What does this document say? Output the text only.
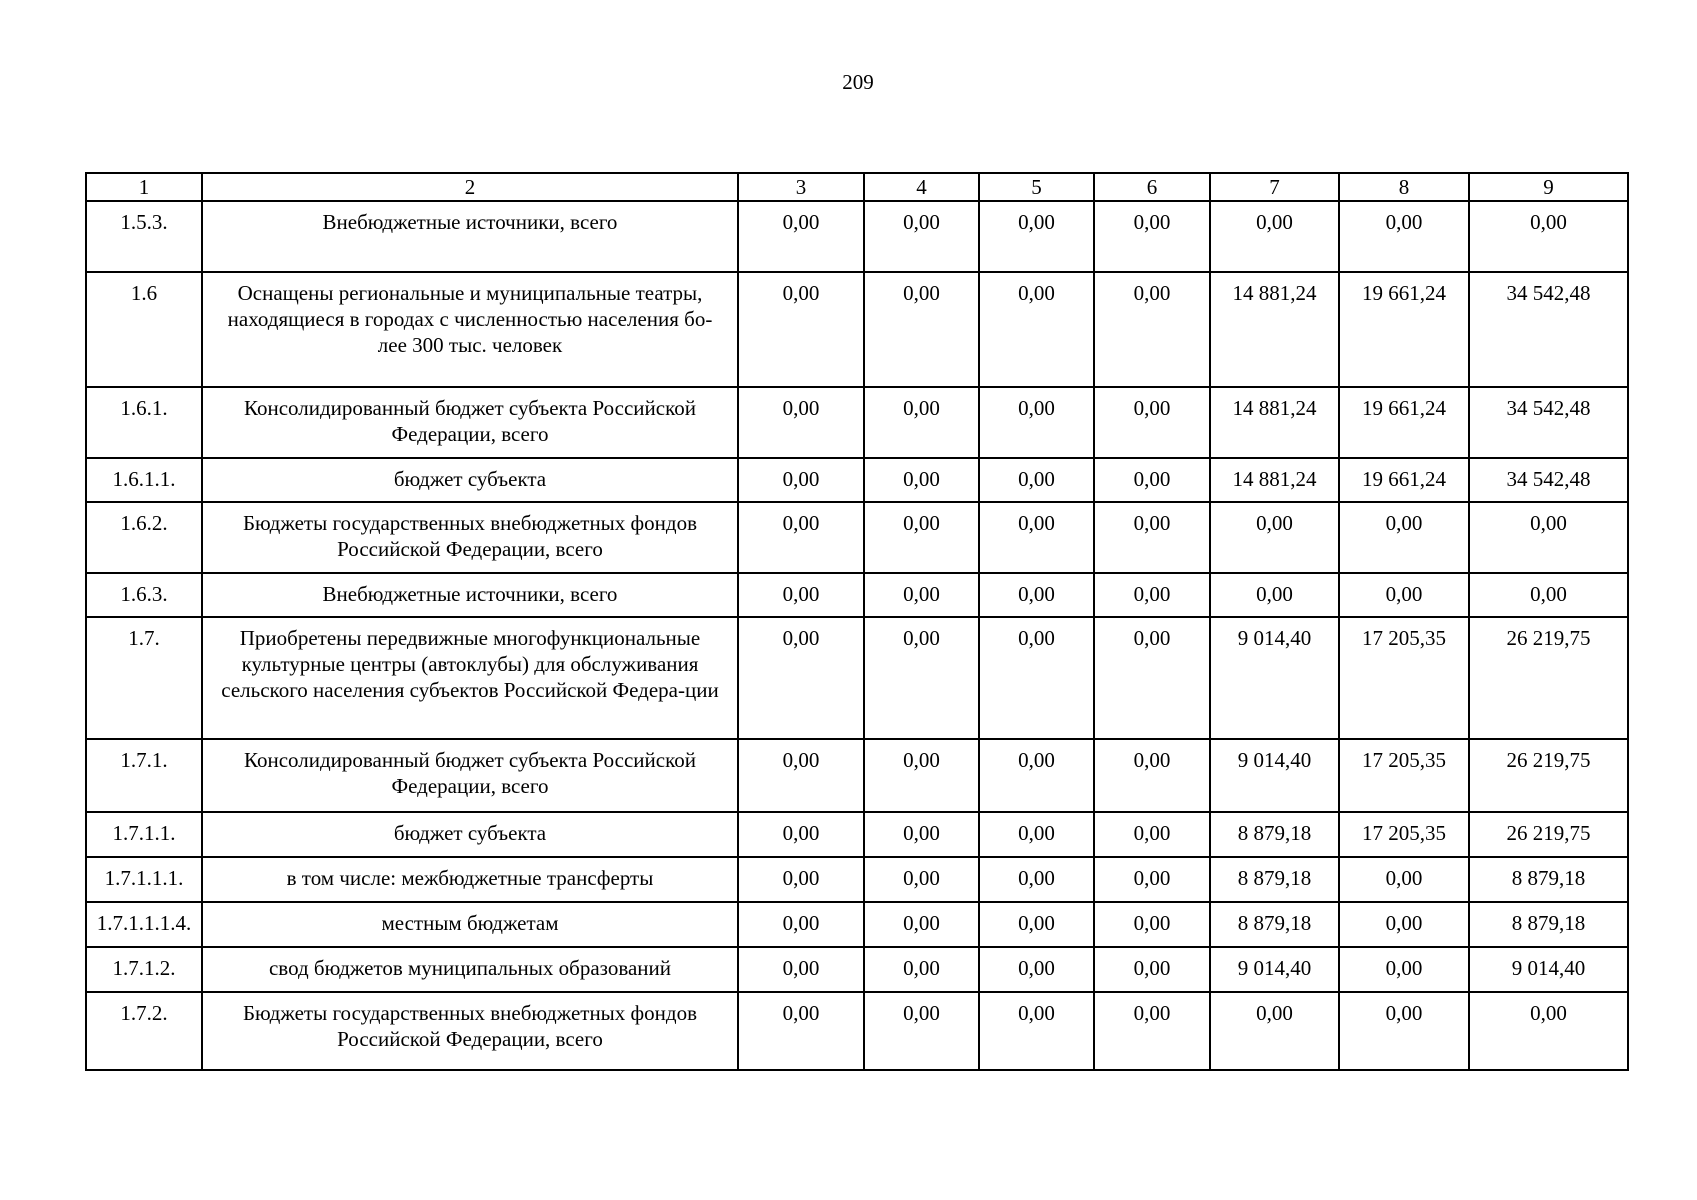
209
1	2	3	4	5	6	7	8	9
1.5.3.	Внебюджетные источники, всего	0,00	0,00	0,00	0,00	0,00	0,00	0,00
1.6	Оснащены региональные и муниципальные театры, находящиеся в городах с численностью населения бо-лее 300 тыс. человек	0,00	0,00	0,00	0,00	14 881,24	19 661,24	34 542,48
1.6.1.	Консолидированный бюджет субъекта Российской Федерации, всего	0,00	0,00	0,00	0,00	14 881,24	19 661,24	34 542,48
1.6.1.1.	бюджет субъекта	0,00	0,00	0,00	0,00	14 881,24	19 661,24	34 542,48
1.6.2.	Бюджеты государственных внебюджетных фондов Российской Федерации, всего	0,00	0,00	0,00	0,00	0,00	0,00	0,00
1.6.3.	Внебюджетные источники, всего	0,00	0,00	0,00	0,00	0,00	0,00	0,00
1.7.	Приобретены передвижные многофункциональные культурные центры (автоклубы) для обслуживания сельского населения субъектов Российской Федера-ции	0,00	0,00	0,00	0,00	9 014,40	17 205,35	26 219,75
1.7.1.	Консолидированный бюджет субъекта Российской Федерации, всего	0,00	0,00	0,00	0,00	9 014,40	17 205,35	26 219,75
1.7.1.1.	бюджет субъекта	0,00	0,00	0,00	0,00	8 879,18	17 205,35	26 219,75
1.7.1.1.1.	в том числе: межбюджетные трансферты	0,00	0,00	0,00	0,00	8 879,18	0,00	8 879,18
1.7.1.1.1.4.	местным бюджетам	0,00	0,00	0,00	0,00	8 879,18	0,00	8 879,18
1.7.1.2.	свод бюджетов муниципальных образований	0,00	0,00	0,00	0,00	9 014,40	0,00	9 014,40
1.7.2.	Бюджеты государственных внебюджетных фондов Российской Федерации, всего	0,00	0,00	0,00	0,00	0,00	0,00	0,00
